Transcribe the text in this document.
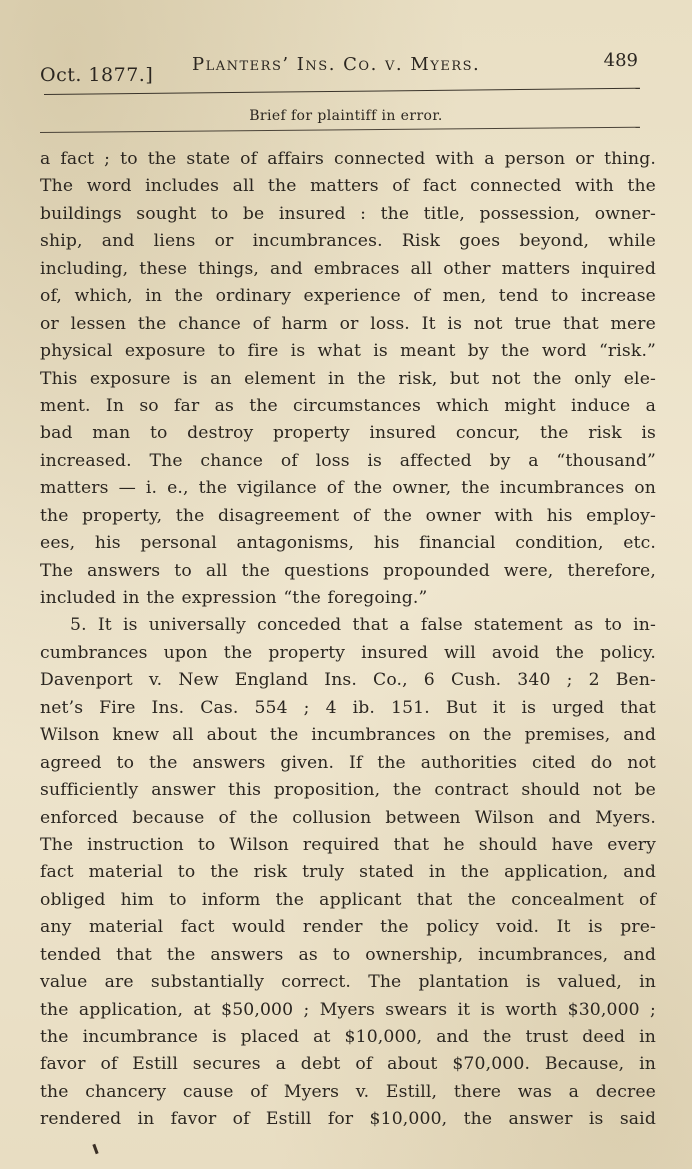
Oct. 1877.] Planters’ Ins. Co. v. Myers.	489
Brief for plaintiff in error.
a fact ; to the state of affairs connected with a person or thing.
The word includes all the matters of fact connected with the
buildings sought to be insured : the title, possession, owner-
ship, and liens or incumbrances. Risk goes beyond, while
including, these things, and embraces all other matters inquired
of, which, in the ordinary experience of men, tend to increase
or lessen the chance of harm or loss. It is not true that mere
physical exposure to fire is what is meant by the word “risk.”
This exposure is an element in the risk, but not the only ele-
ment. In so far as the circumstances which might induce a
bad man to destroy property insured concur, the risk is
increased. The chance of loss is affected by a “thousand”
matters — i. e., the vigilance of the owner, the incumbrances on
the property, the disagreement of the owner with his employ-
ees, his personal antagonisms, his financial condition, etc.
The answers to all the questions propounded were, therefore,
included in the expression “the foregoing.”
5. It is universally conceded that a false statement as to in-
cumbrances upon the property insured will avoid the policy.
Davenport v. New England Ins. Co., 6 Cush. 340 ; 2 Ben-
net’s Fire Ins. Cas. 554 ; 4 ib. 151. But it is urged that
Wilson knew all about the incumbrances on the premises, and
agreed to the answers given. If the authorities cited do not
sufficiently answer this proposition, the contract should not be
enforced because of the collusion between Wilson and Myers.
The instruction to Wilson required that he should have every
fact material to the risk truly stated in the application, and
obliged him to inform the applicant that the concealment of
any material fact would render the policy void. It is pre-
tended that the answers as to ownership, incumbrances, and
value are substantially correct. The plantation is valued, in
the application, at $50,000 ; Myers swears it is worth $30,000 ;
the incumbrance is placed at $10,000, and the trust deed in
favor of Estill secures a debt of about $70,000. Because, in
the chancery cause of Myers v. Estill, there was a decree
rendered in favor of Estill for $10,000, the answer is said
